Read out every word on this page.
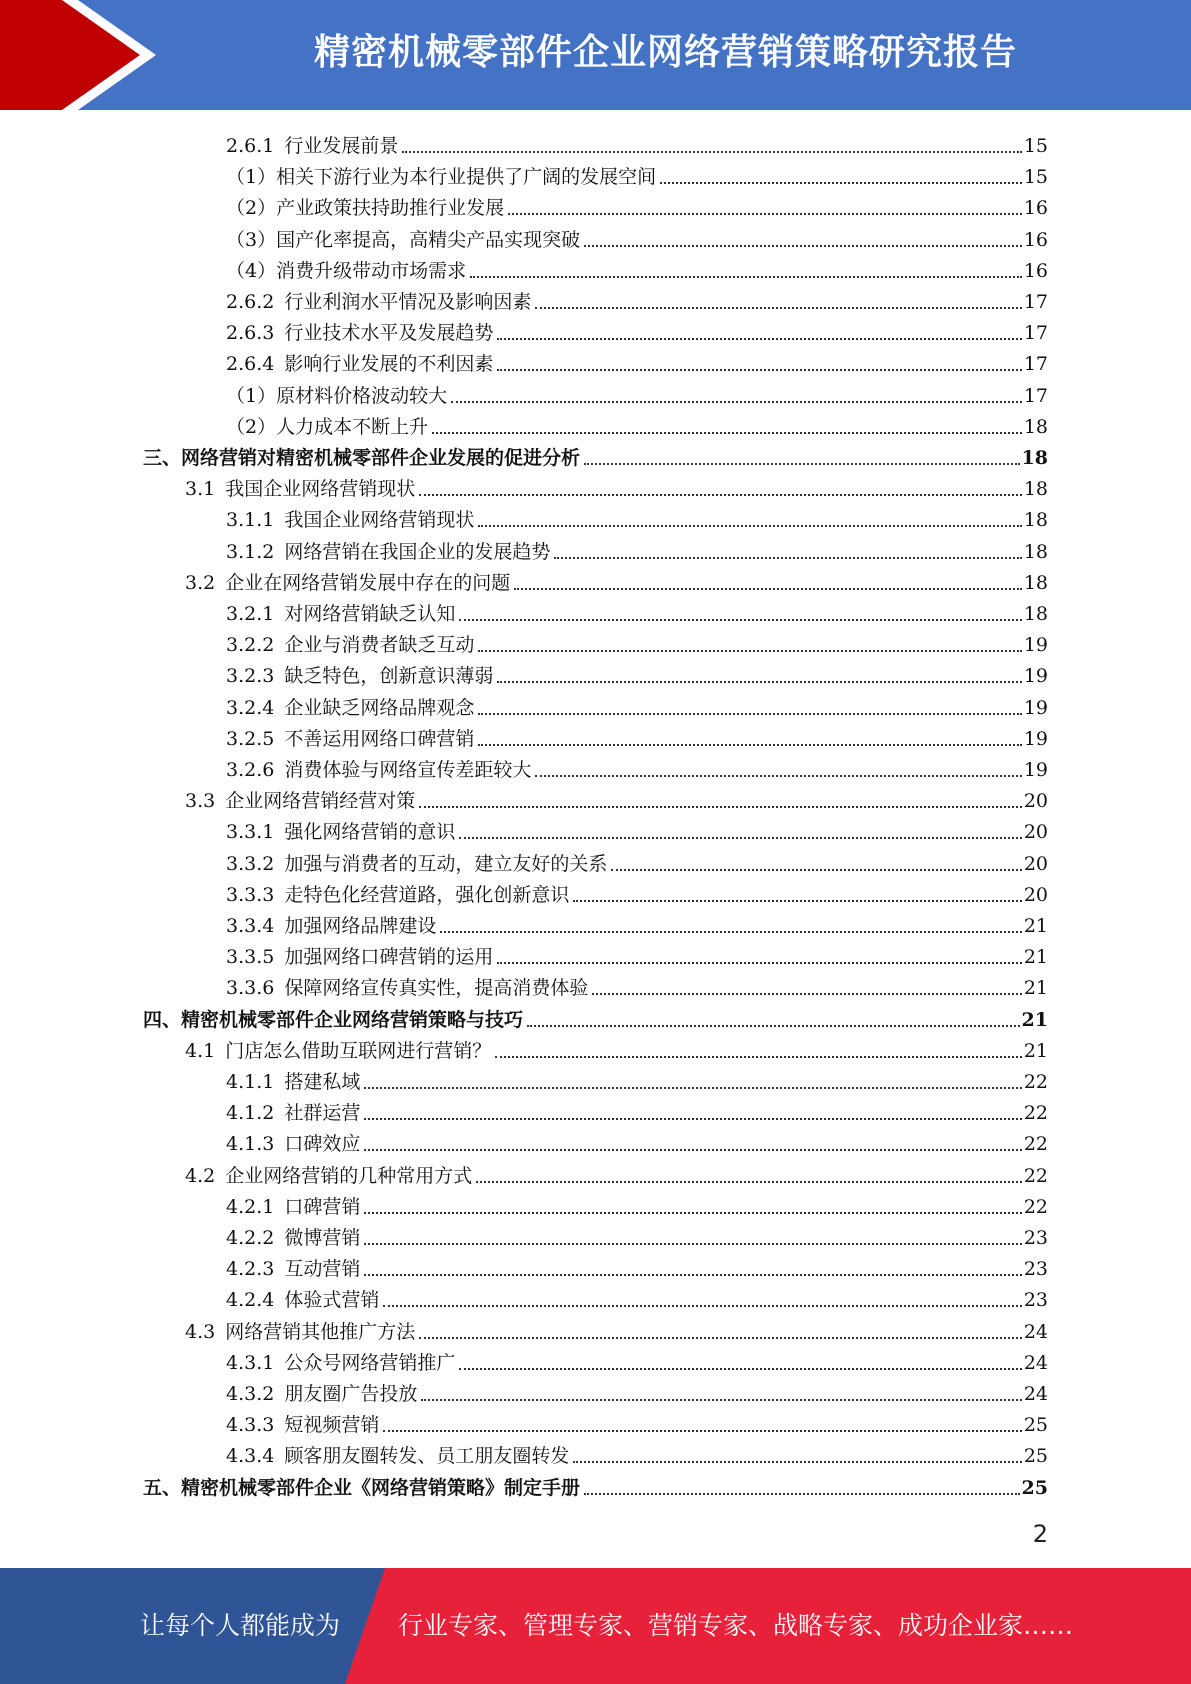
精密机械零部件企业网络营销策略研究报告
2.6.1 行业发展前景	15
（1） 相关下游行业为本行业提供了广阔的发展空间	15
（2） 产业政策扶持助推行业发展	16
（3） 国产化率提高，高精尖产品实现突破	16
（4） 消费升级带动市场需求	16
2.6.2 行业利润水平情况及影响因素	17
2.6.3 行业技术水平及发展趋势	17
2.6.4 影响行业发展的不利因素	17
（1） 原材料价格波动较大	17
（2） 人力成本不断上升	18
三、网络营销对精密机械零部件企业发展的促进分析	18
3.1 我国企业网络营销现状	18
3.1.1 我国企业网络营销现状	18
3.1.2 网络营销在我国企业的发展趋势	18
3.2 企业在网络营销发展中存在的问题	18
3.2.1 对网络营销缺乏认知	18
3.2.2 企业与消费者缺乏互动	19
3.2.3 缺乏特色，创新意识薄弱	19
3.2.4 企业缺乏网络品牌观念	19
3.2.5 不善运用网络口碑营销	19
3.2.6 消费体验与网络宣传差距较大	19
3.3 企业网络营销经营对策	20
3.3.1 强化网络营销的意识	20
3.3.2 加强与消费者的互动，建立友好的关系	20
3.3.3 走特色化经营道路，强化创新意识	20
3.3.4 加强网络品牌建设	21
3.3.5 加强网络口碑营销的运用	21
3.3.6 保障网络宣传真实性，提高消费体验	21
四、精密机械零部件企业网络营销策略与技巧	21
4.1 门店怎么借助互联网进行营销？	21
4.1.1 搭建私域	22
4.1.2 社群运营	22
4.1.3 口碑效应	22
4.2 企业网络营销的几种常用方式	22
4.2.1 口碑营销	22
4.2.2 微博营销	23
4.2.3 互动营销	23
4.2.4 体验式营销	23
4.3 网络营销其他推广方法	24
4.3.1 公众号网络营销推广	24
4.3.2 朋友圈广告投放	24
4.3.3 短视频营销	25
4.3.4 顾客朋友圈转发、员工朋友圈转发	25
五、精密机械零部件企业《网络营销策略》制定手册	25
2
让每个人都能成为 行业专家、管理专家、营销专家、战略专家、成功企业家……
